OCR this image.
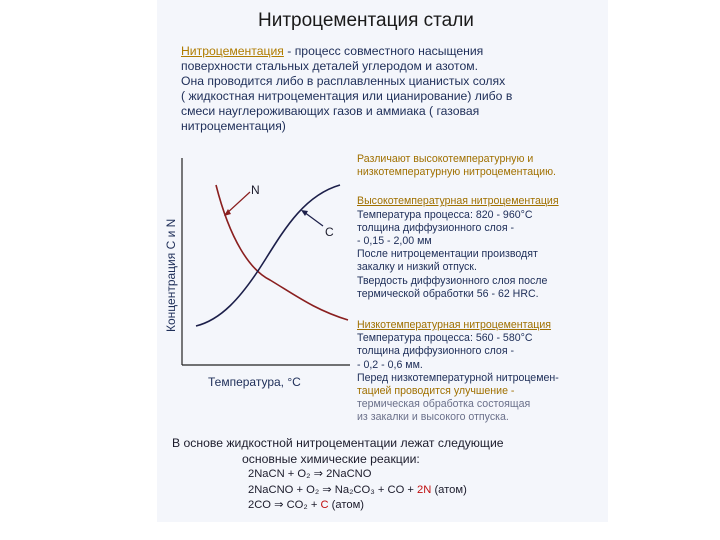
Нитроцементация стали
Нитроцементация - процесс совместного насыщения
поверхности стальных деталей углеродом и азотом.
Она проводится либо в расплавленных цианистых солях
( жидкостная нитроцементация или цианирование) либо в
смеси науглероживающих газов и аммиака ( газовая
нитроцементация)
N
C
Температура, °С
Концентрация С и N
Различают высокотемпературную и
низкотемпературную нитроцементацию.
Высокотемпературная нитроцементация
Температура процесса: 820 - 960°С
толщина диффузионного слоя -
- 0,15 - 2,00 мм
После нитроцементации производят
закалку и низкий отпуск.
Твердость диффузионного слоя после
термической обработки 56 - 62 HRC.
Низкотемпературная нитроцементация
Температура процесса: 560 - 580°С
толщина диффузионного слоя -
- 0,2 - 0,6 мм.
Перед низкотемпературной нитроцемен-
тацией проводится улучшение -
термическая обработка состоящая
из закалки и высокого отпуска.
В основе жидкостной нитроцементации лежат следующие
основные химические реакции:
2NaCN + O₂ ⇒ 2NaCNO
2NaCNO + O₂ ⇒ Na₂CO₃ + CO + 2N (атом)
2CO ⇒ CO₂ + C (атом)
